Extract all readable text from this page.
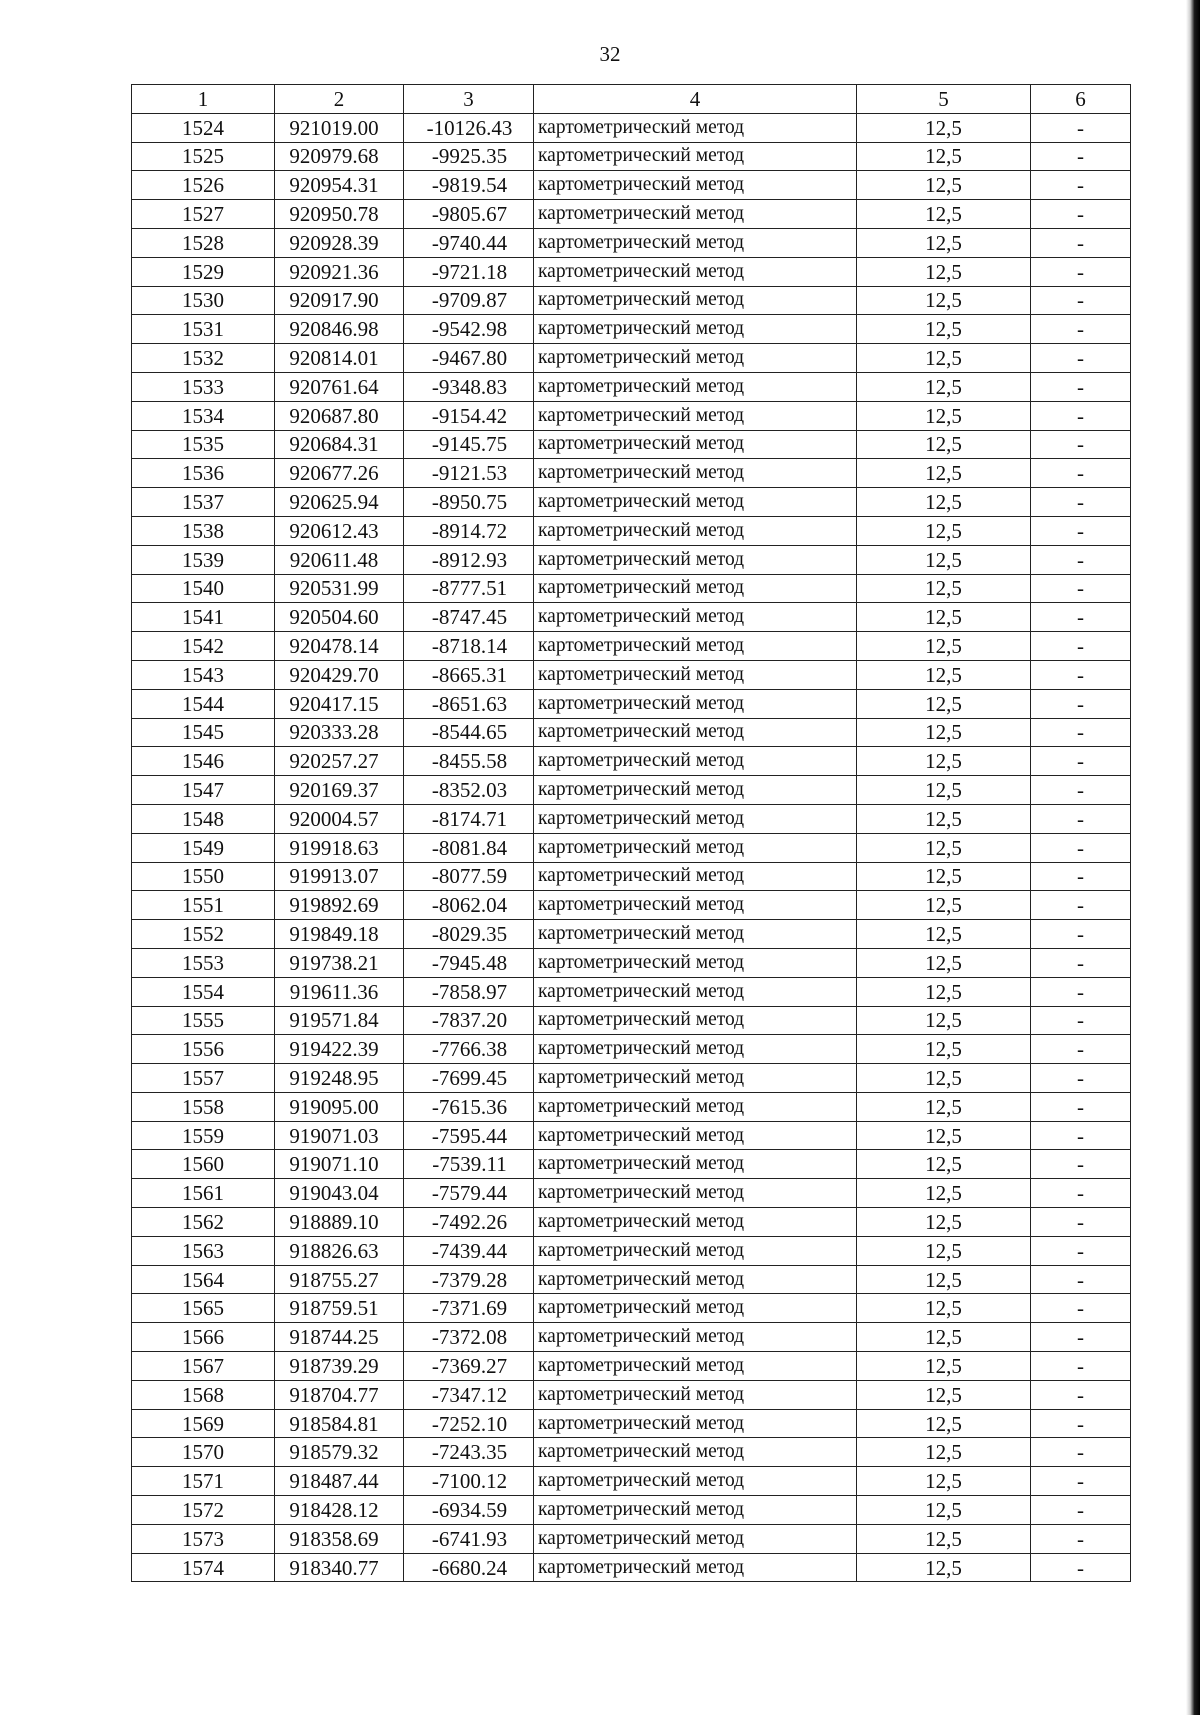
32
1	2	3	4	5	6
1524	921019.00	-10126.43	картометрический метод	12,5	-
1525	920979.68	-9925.35	картометрический метод	12,5	-
1526	920954.31	-9819.54	картометрический метод	12,5	-
1527	920950.78	-9805.67	картометрический метод	12,5	-
1528	920928.39	-9740.44	картометрический метод	12,5	-
1529	920921.36	-9721.18	картометрический метод	12,5	-
1530	920917.90	-9709.87	картометрический метод	12,5	-
1531	920846.98	-9542.98	картометрический метод	12,5	-
1532	920814.01	-9467.80	картометрический метод	12,5	-
1533	920761.64	-9348.83	картометрический метод	12,5	-
1534	920687.80	-9154.42	картометрический метод	12,5	-
1535	920684.31	-9145.75	картометрический метод	12,5	-
1536	920677.26	-9121.53	картометрический метод	12,5	-
1537	920625.94	-8950.75	картометрический метод	12,5	-
1538	920612.43	-8914.72	картометрический метод	12,5	-
1539	920611.48	-8912.93	картометрический метод	12,5	-
1540	920531.99	-8777.51	картометрический метод	12,5	-
1541	920504.60	-8747.45	картометрический метод	12,5	-
1542	920478.14	-8718.14	картометрический метод	12,5	-
1543	920429.70	-8665.31	картометрический метод	12,5	-
1544	920417.15	-8651.63	картометрический метод	12,5	-
1545	920333.28	-8544.65	картометрический метод	12,5	-
1546	920257.27	-8455.58	картометрический метод	12,5	-
1547	920169.37	-8352.03	картометрический метод	12,5	-
1548	920004.57	-8174.71	картометрический метод	12,5	-
1549	919918.63	-8081.84	картометрический метод	12,5	-
1550	919913.07	-8077.59	картометрический метод	12,5	-
1551	919892.69	-8062.04	картометрический метод	12,5	-
1552	919849.18	-8029.35	картометрический метод	12,5	-
1553	919738.21	-7945.48	картометрический метод	12,5	-
1554	919611.36	-7858.97	картометрический метод	12,5	-
1555	919571.84	-7837.20	картометрический метод	12,5	-
1556	919422.39	-7766.38	картометрический метод	12,5	-
1557	919248.95	-7699.45	картометрический метод	12,5	-
1558	919095.00	-7615.36	картометрический метод	12,5	-
1559	919071.03	-7595.44	картометрический метод	12,5	-
1560	919071.10	-7539.11	картометрический метод	12,5	-
1561	919043.04	-7579.44	картометрический метод	12,5	-
1562	918889.10	-7492.26	картометрический метод	12,5	-
1563	918826.63	-7439.44	картометрический метод	12,5	-
1564	918755.27	-7379.28	картометрический метод	12,5	-
1565	918759.51	-7371.69	картометрический метод	12,5	-
1566	918744.25	-7372.08	картометрический метод	12,5	-
1567	918739.29	-7369.27	картометрический метод	12,5	-
1568	918704.77	-7347.12	картометрический метод	12,5	-
1569	918584.81	-7252.10	картометрический метод	12,5	-
1570	918579.32	-7243.35	картометрический метод	12,5	-
1571	918487.44	-7100.12	картометрический метод	12,5	-
1572	918428.12	-6934.59	картометрический метод	12,5	-
1573	918358.69	-6741.93	картометрический метод	12,5	-
1574	918340.77	-6680.24	картометрический метод	12,5	-
